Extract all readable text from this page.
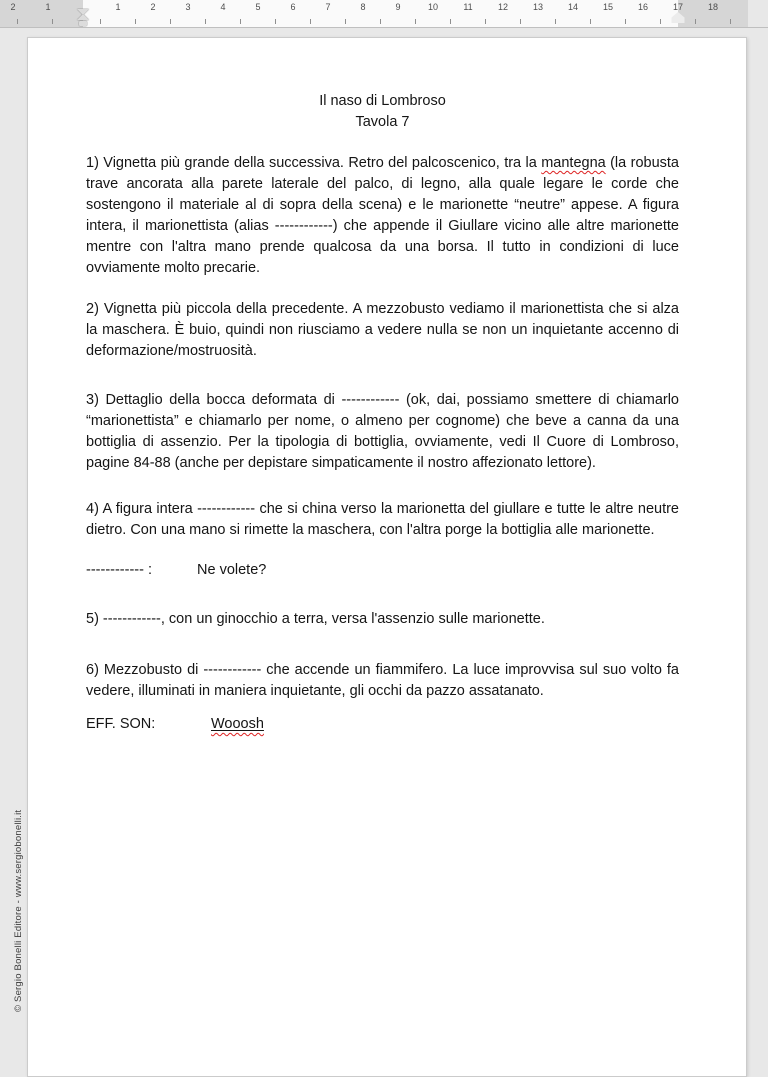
2	1	1	2	3	4	5	6	7	8	9	10	11	12	13	14	15	16	17	18
Il naso di Lombroso
Tavola 7

1) Vignetta più grande della successiva. Retro del palcoscenico, tra la mantegna (la robusta trave ancorata alla parete laterale del palco, di legno, alla quale legare le corde che sostengono il materiale al di sopra della scena) e le marionette “neutre” appese. A figura intera, il marionettista (alias ------------) che appende il Giullare vicino alle altre marionette mentre con l'altra mano prende qualcosa da una borsa. Il tutto in condizioni di luce ovviamente molto precarie.

2) Vignetta più piccola della precedente. A mezzobusto vediamo il marionettista che si alza la maschera. È buio, quindi non riusciamo a vedere nulla se non un inquietante accenno di deformazione/mostruosità.

3) Dettaglio della bocca deformata di ------------ (ok, dai, possiamo smettere di chiamarlo “marionettista” e chiamarlo per nome, o almeno per cognome) che beve a canna da una bottiglia di assenzio. Per la tipologia di bottiglia, ovviamente, vedi Il Cuore di Lombroso, pagine 84-88 (anche per depistare simpaticamente il nostro affezionato lettore).

4) A figura intera ------------ che si china verso la marionetta del giullare e tutte le altre neutre dietro. Con una mano si rimette la maschera, con l'altra porge la bottiglia alle marionette.

------------ :	Ne volete?

5) ------------, con un ginocchio a terra, versa l'assenzio sulle marionette.

6) Mezzobusto di ------------ che accende un fiammifero. La luce improvvisa sul suo volto fa vedere, illuminati in maniera inquietante, gli occhi da pazzo assatanato.

EFF. SON:	Wooosh

© Sergio Bonelli Editore - www.sergiobonelli.it
